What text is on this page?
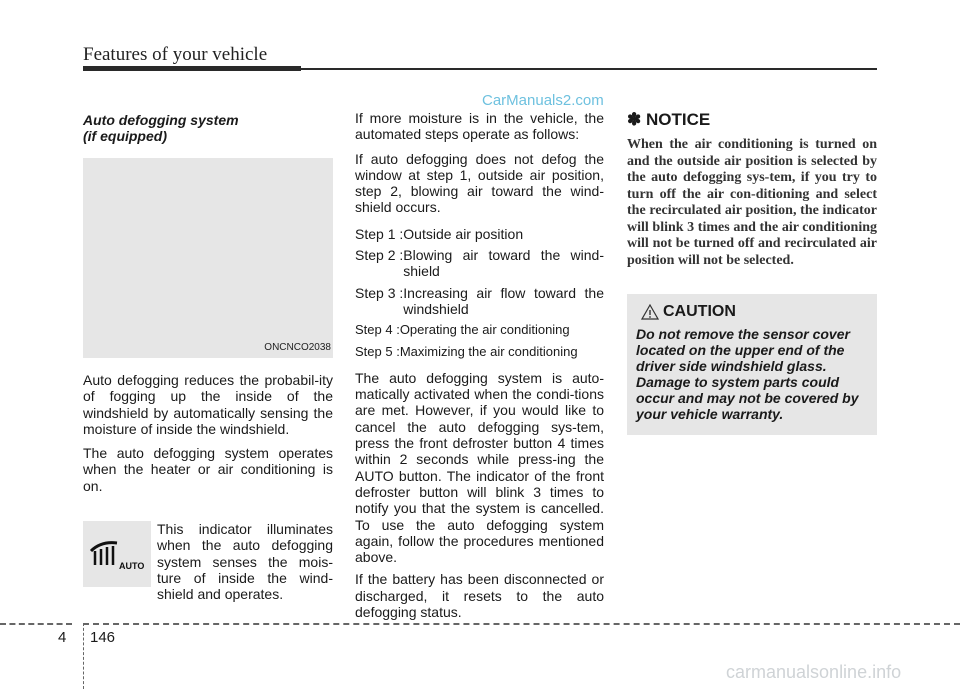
Features of your vehicle
CarManuals2.com
Auto defogging system
(if equipped)
ONCNCO2038

Auto defogging reduces the probabil-ity of fogging up the inside of the windshield by automatically sensing the moisture of inside the windshield.

The auto defogging system operates when the heater or air conditioning is on.

AUTO

This indicator illuminates when the auto defogging system senses the mois-ture of inside the wind-shield and operates.

If more moisture is in the vehicle, the automated steps operate as follows:

If auto defogging does not defog the window at step 1, outside air position, step 2, blowing air toward the wind-shield occurs.

Step 1 : Outside air position
Step 2 : Blowing air toward the wind-shield
Step 3 : Increasing air flow toward the windshield
Step 4 : Operating the air conditioning
Step 5 : Maximizing the air conditioning

The auto defogging system is auto-matically activated when the condi-tions are met. However, if you would like to cancel the auto defogging sys-tem, press the front defroster button 4 times within 2 seconds while press-ing the AUTO button. The indicator of the front defroster button will blink 3 times to notify you that the system is cancelled. To use the auto defogging system again, follow the procedures mentioned above.

If the battery has been disconnected or discharged, it resets to the auto defogging status.

✽ NOTICE

When the air conditioning is turned on and the outside air position is selected by the auto defogging sys-tem, if you try to turn off the air con-ditioning and select the recirculated air position, the indicator will blink 3 times and the air conditioning will not be turned off and recirculated air position will not be selected.

CAUTION
Do not remove the sensor cover located on the upper end of the driver side windshield glass. Damage to system parts could occur and may not be covered by your vehicle warranty.
4 146
carmanualsonline.info
